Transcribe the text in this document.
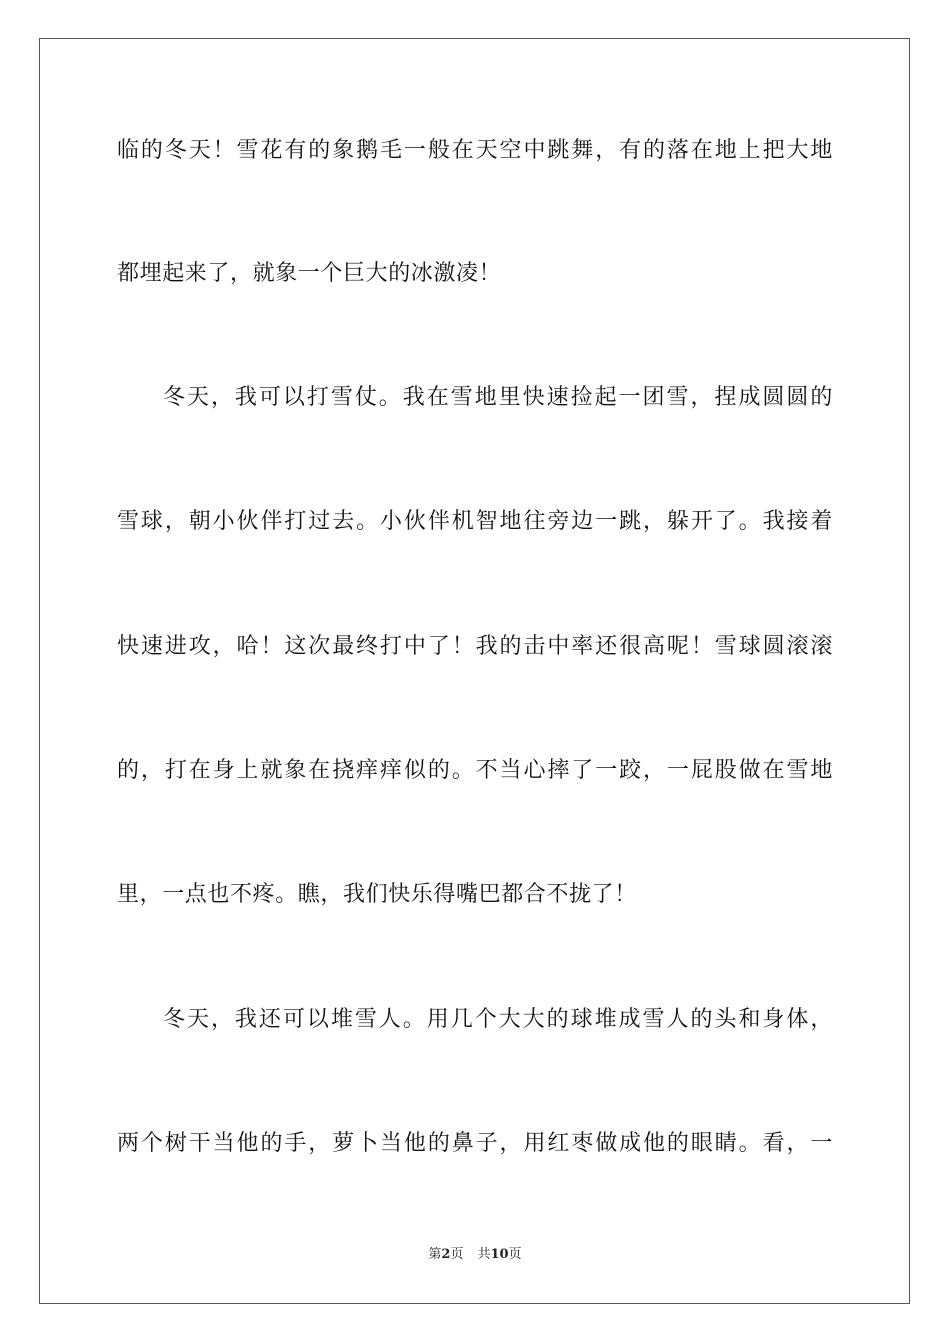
临的冬天！雪花有的象鹅毛一般在天空中跳舞，有的落在地上把大地
都埋起来了，就象一个巨大的冰激凌！
冬天，我可以打雪仗。我在雪地里快速捡起一团雪，捏成圆圆的
雪球，朝小伙伴打过去。小伙伴机智地往旁边一跳，躲开了。我接着
快速进攻，哈！这次最终打中了！我的击中率还很高呢！雪球圆滚滚
的，打在身上就象在挠痒痒似的。不当心摔了一跤，一屁股做在雪地
里，一点也不疼。瞧，我们快乐得嘴巴都合不拢了！
冬天，我还可以堆雪人。用几个大大的球堆成雪人的头和身体，
两个树干当他的手，萝卜当他的鼻子，用红枣做成他的眼睛。看，一
第2页 共10页
